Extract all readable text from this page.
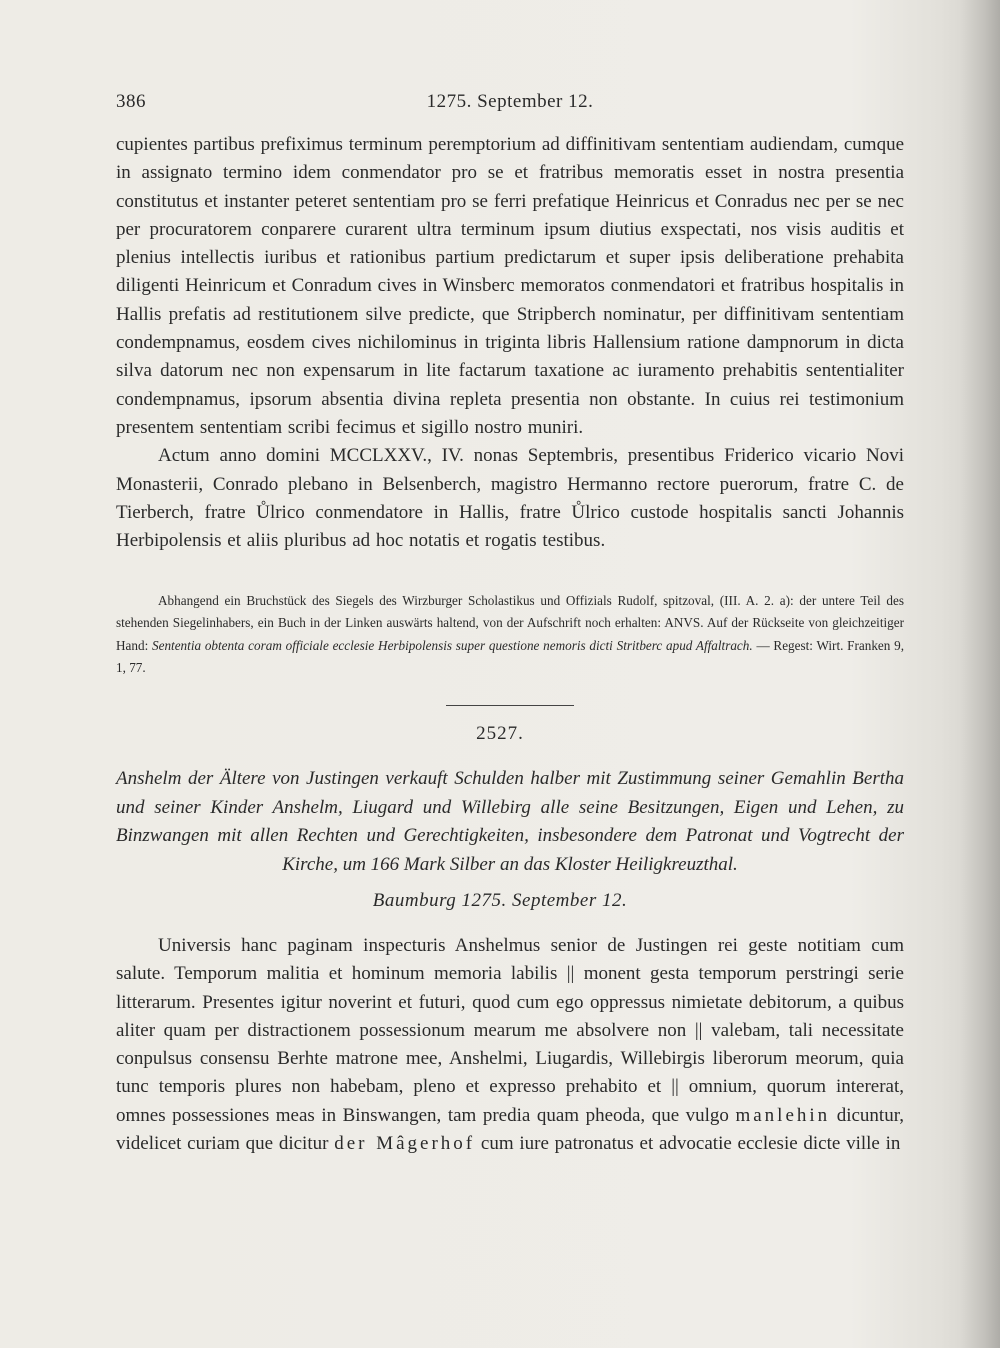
386	1275. September 12.

cupientes partibus prefiximus terminum peremptorium ad diffinitivam sententiam audiendam, cumque in assignato termino idem conmendator pro se et fratribus memoratis esset in nostra presentia constitutus et instanter peteret sententiam pro se ferri prefatique Heinricus et Conradus nec per se nec per procuratorem conparere curarent ultra terminum ipsum diutius exspectati, nos visis auditis et plenius intellectis iuribus et rationibus partium predictarum et super ipsis deliberatione prehabita diligenti Heinricum et Conradum cives in Winsberc memoratos conmendatori et fratribus hospitalis in Hallis prefatis ad restitutionem silve predicte, que Stripberch nominatur, per diffinitivam sententiam condempnamus, eosdem cives nichilominus in triginta libris Hallensium ratione dampnorum in dicta silva datorum nec non expensarum in lite factarum taxatione ac iuramento prehabitis sententialiter condempnamus, ipsorum absentia divina repleta presentia non obstante. In cuius rei testimonium presentem sententiam scribi fecimus et sigillo nostro muniri.

Actum anno domini MCCLXXV., IV. nonas Septembris, presentibus Friderico vicario Novi Monasterii, Conrado plebano in Belsenberch, magistro Hermanno rectore puerorum, fratre C. de Tierberch, fratre Ůlrico conmendatore in Hallis, fratre Ůlrico custode hospitalis sancti Johannis Herbipolensis et aliis pluribus ad hoc notatis et rogatis testibus.

Abhangend ein Bruchstück des Siegels des Wirzburger Scholastikus und Offizials Rudolf, spitzoval, (III. A. 2. a): der untere Teil des stehenden Siegelinhabers, ein Buch in der Linken auswärts haltend, von der Aufschrift noch erhalten: ANVS. Auf der Rückseite von gleichzeitiger Hand: Sententia obtenta coram officiale ecclesie Herbipolensis super questione nemoris dicti Stritberc apud Affaltrach. — Regest: Wirt. Franken 9, 1, 77.

2527.
Anshelm der Ältere von Justingen verkauft Schulden halber mit Zustimmung seiner Gemahlin Bertha und seiner Kinder Anshelm, Liugard und Willebirg alle seine Besitzungen, Eigen und Lehen, zu Binzwangen mit allen Rechten und Gerechtigkeiten, insbesondere dem Patronat und Vogtrecht der Kirche, um 166 Mark Silber an das Kloster Heiligkreuzthal.
Baumburg 1275. September 12.

Universis hanc paginam inspecturis Anshelmus senior de Justingen rei geste notitiam cum salute. Temporum malitia et hominum memoria labilis || monent gesta temporum perstringi serie litterarum. Presentes igitur noverint et futuri, quod cum ego oppressus nimietate debitorum, a quibus aliter quam per distractionem possessionum mearum me absolvere non || valebam, tali necessitate conpulsus consensu Berhte matrone mee, Anshelmi, Liugardis, Willebirgis liberorum meorum, quia tunc temporis plures non habebam, pleno et expresso prehabito et || omnium, quorum intererat, omnes possessiones meas in Binswangen, tam predia quam pheoda, que vulgo manlehin dicuntur, videlicet curiam que dicitur der Mâgerhof cum iure patronatus et advocatie ecclesie dicte ville in
